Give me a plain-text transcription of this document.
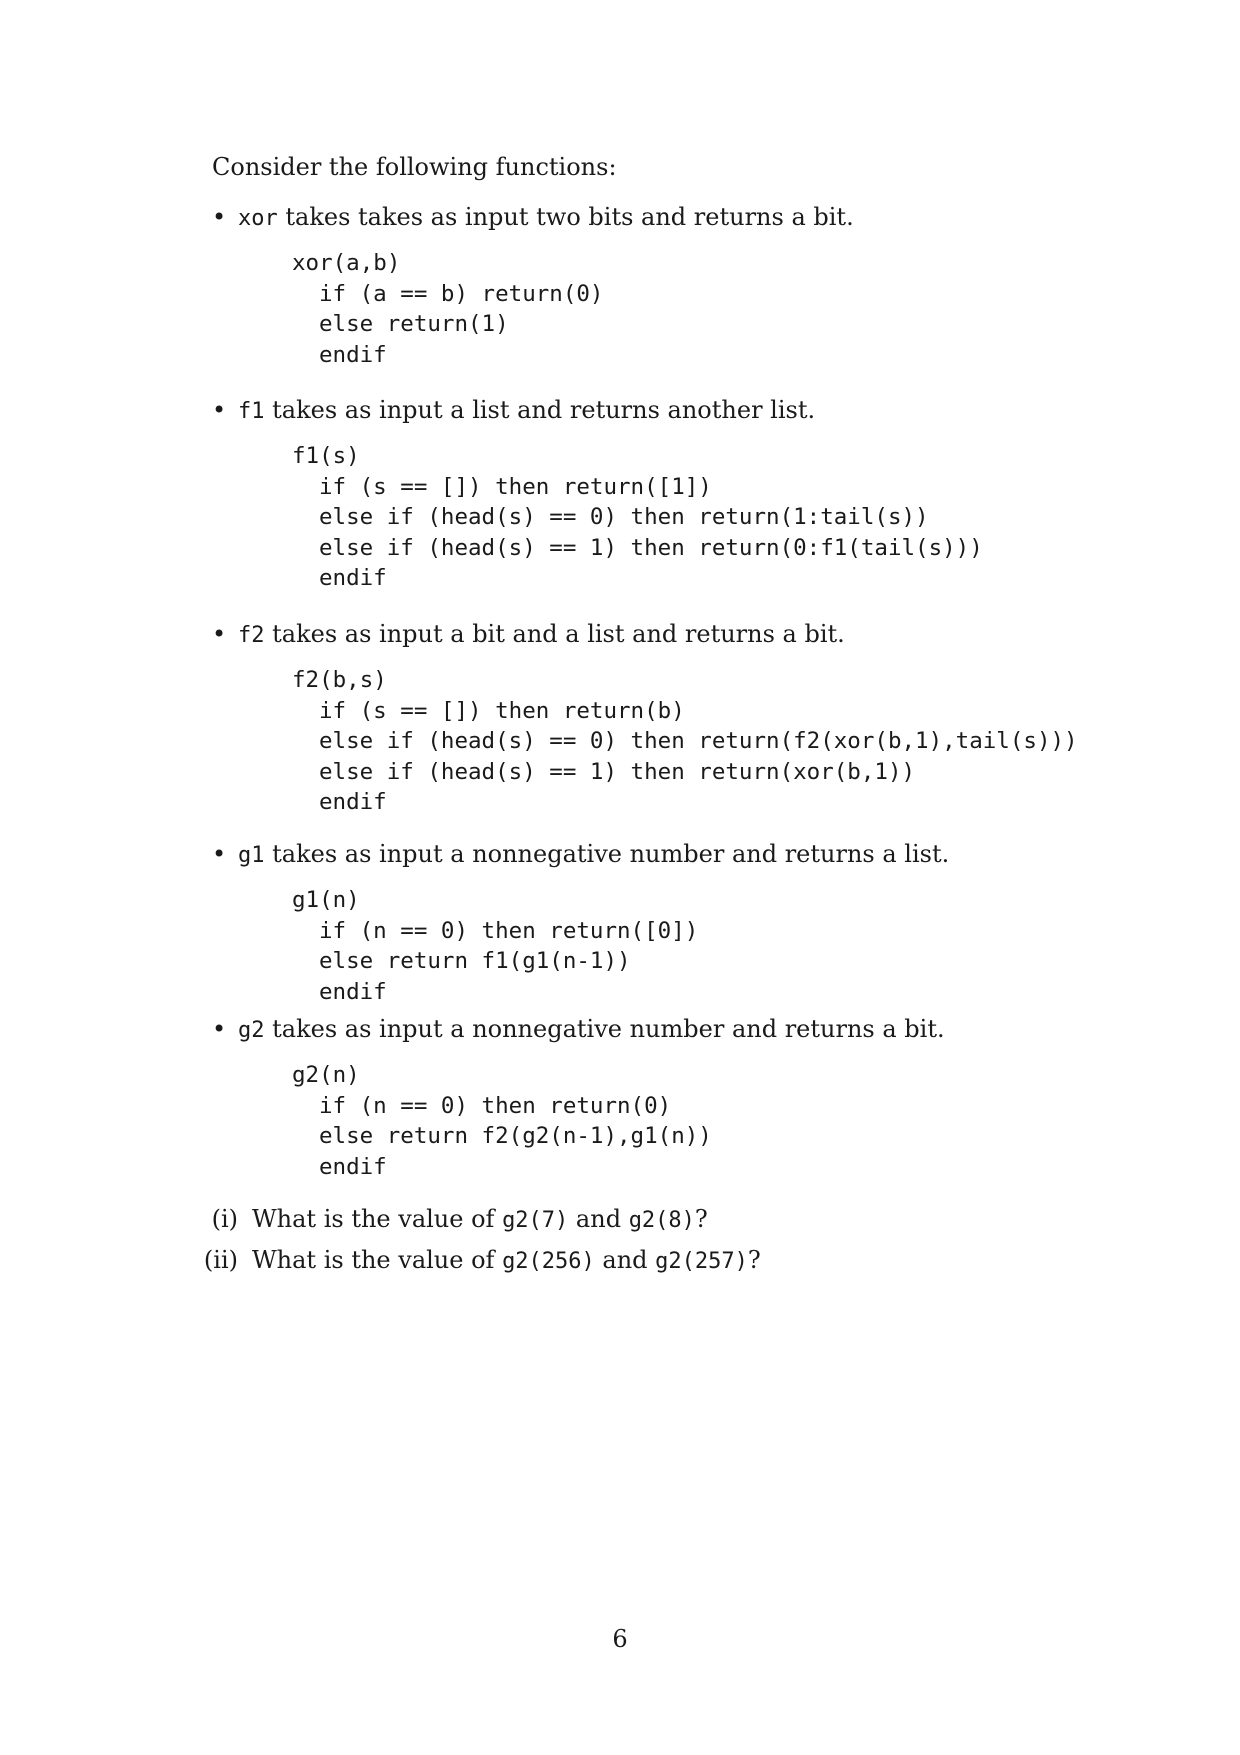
Consider the following functions:
• xor takes takes as input two bits and returns a bit.
xor(a,b)
if (a == b) return(0)
else return(1)
endif
• f1 takes as input a list and returns another list.
f1(s)
if (s == []) then return([1])
else if (head(s) == 0) then return(1:tail(s))
else if (head(s) == 1) then return(0:f1(tail(s)))
endif
• f2 takes as input a bit and a list and returns a bit.
f2(b,s)
if (s == []) then return(b)
else if (head(s) == 0) then return(f2(xor(b,1),tail(s)))
else if (head(s) == 1) then return(xor(b,1))
endif
• g1 takes as input a nonnegative number and returns a list.
g1(n)
if (n == 0) then return([0])
else return f1(g1(n-1))
endif
• g2 takes as input a nonnegative number and returns a bit.
g2(n)
if (n == 0) then return(0)
else return f2(g2(n-1),g1(n))
endif
(i) What is the value of g2(7) and g2(8)?
(ii) What is the value of g2(256) and g2(257)?
6
